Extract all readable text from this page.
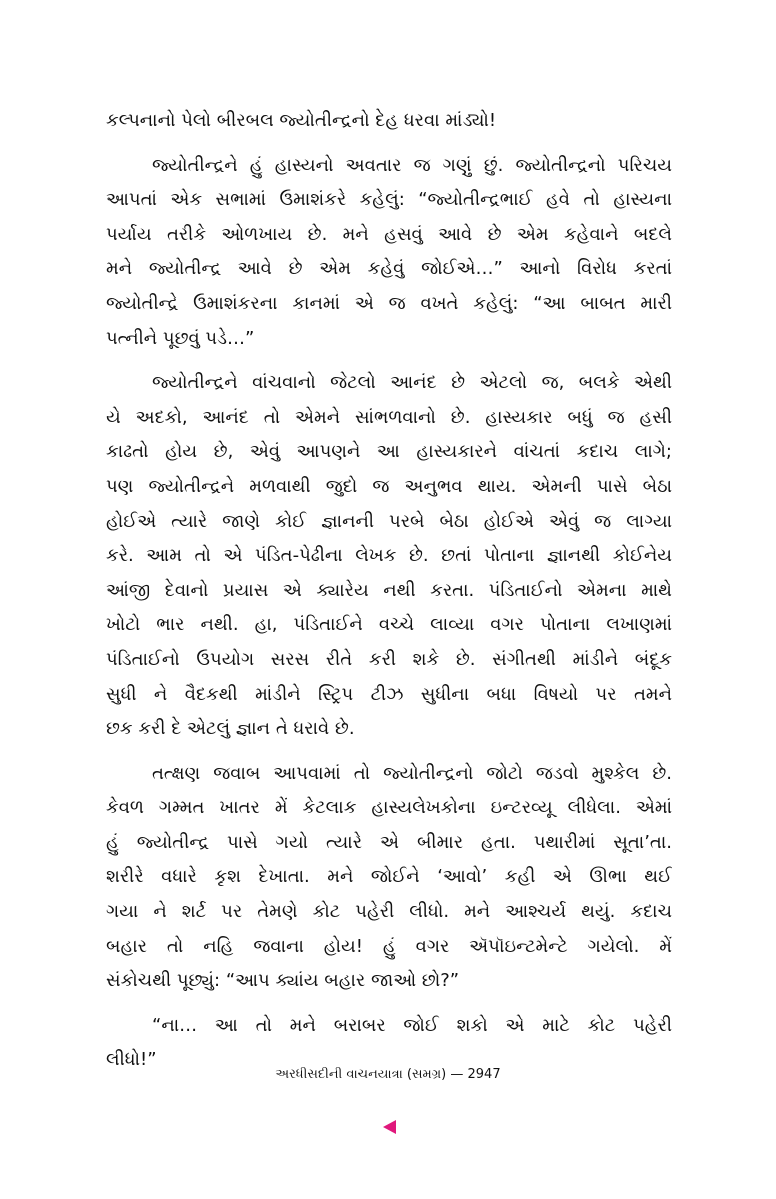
કલ્પનાનો પેલો બીરબલ જ્યોતીન્દ્રનો દેહ ધરવા માંડ્યો!
જ્યોતીન્દ્રને હું હાસ્યનો અવતાર જ ગણું છું. જ્યોતીન્દ્રનો પરિચય
આપતાં એક સભામાં ઉમાશંકરે કહેલું: “જ્યોતીન્દ્રભાઈ હવે તો હાસ્યના
પર્યાય તરીકે ઓળખાય છે. મને હસવું આવે છે એમ કહેવાને બદલે
મને જ્યોતીન્દ્ર આવે છે એમ કહેવું જોઈએ…” આનો વિરોધ કરતાં
જ્યોતીન્દ્રે ઉમાશંકરના કાનમાં એ જ વખતે કહેલું: “આ બાબત મારી
પત્નીને પૂછવું પડે…”
જ્યોતીન્દ્રને વાંચવાનો જેટલો આનંદ છે એટલો જ, બલકે એથી
યે અદકો, આનંદ તો એમને સાંભળવાનો છે. હાસ્યકાર બધું જ હસી
કાઢતો હોય છે, એવું આપણને આ હાસ્યકારને વાંચતાં કદાચ લાગે;
પણ જ્યોતીન્દ્રને મળવાથી જુદો જ અનુભવ થાય. એમની પાસે બેઠા
હોઈએ ત્યારે જાણે કોઈ જ્ઞાનની પરબે બેઠા હોઈએ એવું જ લાગ્યા
કરે. આમ તો એ પંડિત-પેઢીના લેખક છે. છતાં પોતાના જ્ઞાનથી કોઈનેય
આંજી દેવાનો પ્રયાસ એ ક્યારેય નથી કરતા. પંડિતાઈનો એમના માથે
ખોટો ભાર નથી. હા, પંડિતાઈને વચ્ચે લાવ્યા વગર પોતાના લખાણમાં
પંડિતાઈનો ઉપયોગ સરસ રીતે કરી શકે છે. સંગીતથી માંડીને બંદૂક
સુધી ને વૈદકથી માંડીને સ્ટ્રિપ ટીઝ સુધીના બધા વિષયો પર તમને
છક કરી દે એટલું જ્ઞાન તે ધરાવે છે.
તત્ક્ષણ જવાબ આપવામાં તો જ્યોતીન્દ્રનો જોટો જડવો મુશ્કેલ છે.
કેવળ ગમ્મત ખાતર મેં કેટલાક હાસ્યલેખકોના ઇન્ટરવ્યૂ લીધેલા. એમાં
હું જ્યોતીન્દ્ર પાસે ગયો ત્યારે એ બીમાર હતા. પથારીમાં સૂતા’તા.
શરીરે વધારે કૃશ દેખાતા. મને જોઈને ‘આવો’ કહી એ ઊભા થઈ
ગયા ને શર્ટ પર તેમણે કોટ પહેરી લીધો. મને આશ્ચર્ય થયું. કદાચ
બહાર તો નહિ જવાના હોય! હું વગર ઍપૉઇન્ટમેન્ટે ગયેલો. મેં
સંકોચથી પૂછ્યું: “આપ ક્યાંય બહાર જાઓ છો?”
“ના… આ તો મને બરાબર જોઈ શકો એ માટે કોટ પહેરી
લીધો!”
અરધીસદીની વાચનયાત્રા (સમગ્ર) — 2947
